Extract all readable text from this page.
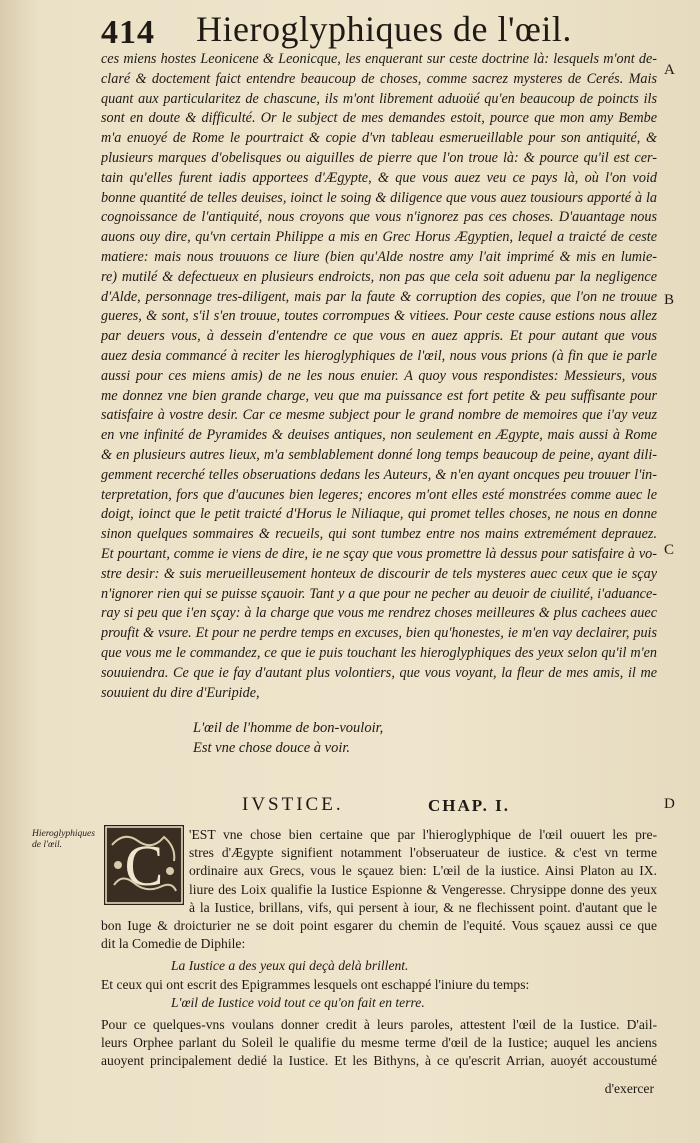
414 Hieroglyphiques de l'œil.
A
B
C
D
ces miens hostes Leonicene & Leonicque, les enquerant sur ceste doctrine là: lesquels m'ont de-
claré & doctement faict entendre beaucoup de choses, comme sacrez mysteres de Cerés. Mais
quant aux particularitez de chascune, ils m'ont librement aduoüé qu'en beaucoup de poincts ils
sont en doute & difficulté. Or le subject de mes demandes estoit, pource que mon amy Bembe
m'a enuoyé de Rome le pourtraict & copie d'vn tableau esmerueillable pour son antiquité, &
plusieurs marques d'obelisques ou aiguilles de pierre que l'on troue là: & pource qu'il est cer-
tain qu'elles furent iadis apportees d'Ægypte, & que vous auez veu ce pays là, où l'on void
bonne quantité de telles deuises, ioinct le soing & diligence que vous auez tousiours apporté à la
cognoissance de l'antiquité, nous croyons que vous n'ignorez pas ces choses. D'auantage nous
auons ouy dire, qu'vn certain Philippe a mis en Grec Horus Ægyptien, lequel a traicté de ceste
matiere: mais nous trouuons ce liure (bien qu'Alde nostre amy l'ait imprimé & mis en lumie-
re) mutilé & defectueux en plusieurs endroicts, non pas que cela soit aduenu par la negligence
d'Alde, personnage tres-diligent, mais par la faute & corruption des copies, que l'on ne trouue
gueres, & sont, s'il s'en trouue, toutes corrompues & vitiees. Pour ceste cause estions nous allez
par deuers vous, à dessein d'entendre ce que vous en auez appris. Et pour autant que vous
auez desia commancé à reciter les hieroglyphiques de l'œil, nous vous prions (à fin que ie parle
aussi pour ces miens amis) de ne les nous enuier. A quoy vous respondistes: Messieurs, vous
me donnez vne bien grande charge, veu que ma puissance est fort petite & peu suffisante pour
satisfaire à vostre desir. Car ce mesme subject pour le grand nombre de memoires que i'ay veuz
en vne infinité de Pyramides & deuises antiques, non seulement en Ægypte, mais aussi à Rome
& en plusieurs autres lieux, m'a semblablement donné long temps beaucoup de peine, ayant dili-
gemment recerché telles obseruations dedans les Auteurs, & n'en ayant oncques peu trouuer l'in-
terpretation, fors que d'aucunes bien legeres; encores m'ont elles esté monstrées comme auec le
doigt, ioinct que le petit traicté d'Horus le Niliaque, qui promet telles choses, ne nous en donne
sinon quelques sommaires & recueils, qui sont tumbez entre nos mains extremément deprauez.
Et pourtant, comme ie viens de dire, ie ne sçay que vous promettre là dessus pour satisfaire à vo-
stre desir: & suis merueilleusement honteux de discourir de tels mysteres auec ceux que ie sçay
n'ignorer rien qui se puisse sçauoir. Tant y a que pour ne pecher au deuoir de ciuilité, i'aduance-
ray si peu que i'en sçay: à la charge que vous me rendrez choses meilleures & plus cachees auec
proufit & vsure. Et pour ne perdre temps en excuses, bien qu'honestes, ie m'en vay declairer, puis
que vous me le commandez, ce que ie puis touchant les hieroglyphiques des yeux selon qu'il m'en
souuiendra. Ce que ie fay d'autant plus volontiers, que vous voyant, la fleur de mes amis, il me
souuient du dire d'Euripide,
L'œil de l'homme de bon-vouloir,
Est vne chose douce à voir.
IVSTICE.	CHAP. I.
Hieroglyphiques de l'œil.	C	'EST vne chose bien certaine que par l'hieroglyphique de l'œil ouuert les pre-
stres d'Ægypte signifient notamment l'obseruateur de iustice. & c'est vn terme
ordinaire aux Grecs, vous le sçauez bien: L'œil de la iustice. Ainsi Platon au IX.
liure des Loix qualifie la Iustice Espionne & Vengeresse. Chrysippe donne des yeux
à la Iustice, brillans, vifs, qui persent à iour, & ne flechissent point. d'autant que le
bon Iuge & droicturier ne se doit point esgarer du chemin de l'equité. Vous sçauez aussi ce que
dit la Comedie de Diphile:
La Iustice a des yeux qui deçà delà brillent.
Et ceux qui ont escrit des Epigrammes lesquels ont eschappé l'iniure du temps:
L'œil de Iustice void tout ce qu'on fait en terre.
Pour ce quelques-vns voulans donner credit à leurs paroles, attestent l'œil de la Iustice. D'ail-
leurs Orphee parlant du Soleil le qualifie du mesme terme d'œil de la Iustice; auquel les anciens
auoyent principalement dedié la Iustice. Et les Bithyns, à ce qu'escrit Arrian, auoyét accoustumé
d'exercer
